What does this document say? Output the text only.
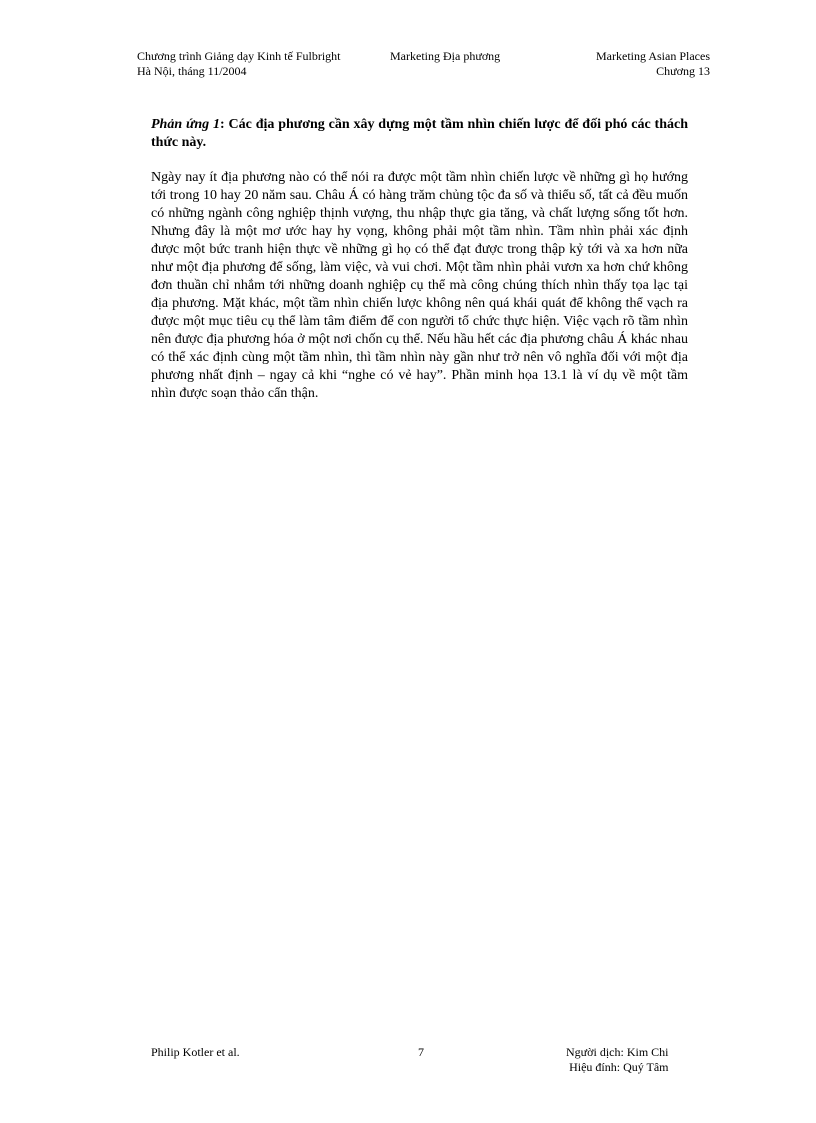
Chương trình Giảng dạy Kinh tế Fulbright
Hà Nội, tháng 11/2004
Marketing Địa phương	Marketing Asian Places
Chương 13

Phản ứng 1: Các địa phương cần xây dựng một tầm nhìn chiến lược để đối phó các thách thức này.

Ngày nay ít địa phương nào có thể nói ra được một tầm nhìn chiến lược về những gì họ hướng tới trong 10 hay 20 năm sau. Châu Á có hàng trăm chủng tộc đa số và thiểu số, tất cả đều muốn có những ngành công nghiệp thịnh vượng, thu nhập thực gia tăng, và chất lượng sống tốt hơn. Nhưng đây là một mơ ước hay hy vọng, không phải một tầm nhìn. Tầm nhìn phải xác định được một bức tranh hiện thực về những gì họ có thể đạt được trong thập kỷ tới và xa hơn nữa như một địa phương để sống, làm việc, và vui chơi. Một tầm nhìn phải vươn xa hơn chứ không đơn thuần chỉ nhắm tới những doanh nghiệp cụ thể mà công chúng thích nhìn thấy tọa lạc tại địa phương. Mặt khác, một tầm nhìn chiến lược không nên quá khái quát để không thể vạch ra được một mục tiêu cụ thể làm tâm điểm để con người tổ chức thực hiện. Việc vạch rõ tầm nhìn nên được địa phương hóa ở một nơi chốn cụ thể. Nếu hầu hết các địa phương châu Á khác nhau có thể xác định cùng một tầm nhìn, thì tầm nhìn này gần như trở nên vô nghĩa đối với một địa phương nhất định – ngay cả khi “nghe có vẻ hay”. Phần minh họa 13.1 là ví dụ về một tầm nhìn được soạn thảo cẩn thận.

Philip Kotler et al.	7	Người dịch: Kim Chi
Hiệu đính: Quý Tâm
